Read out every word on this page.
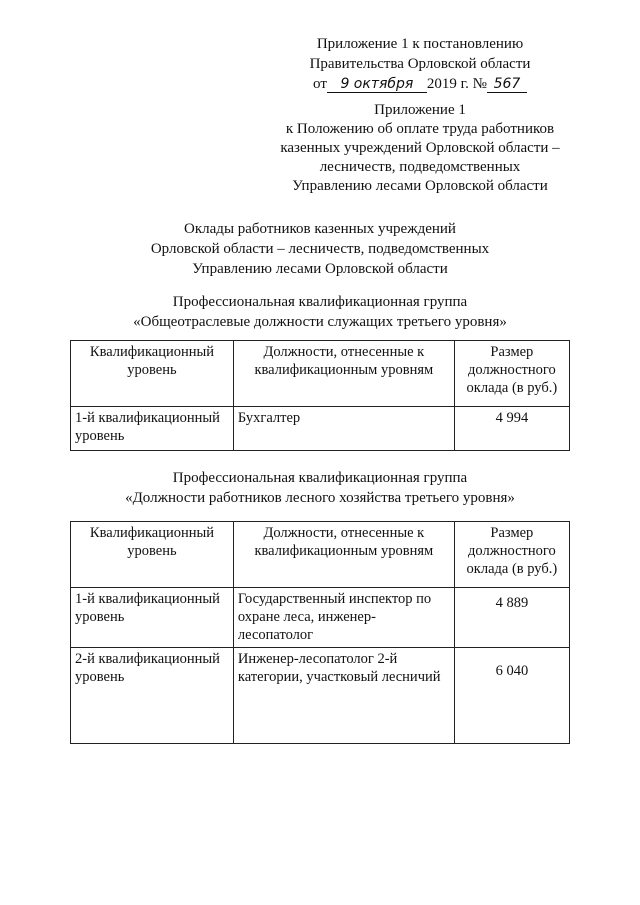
Приложение 1 к постановлению
Правительства Орловской области
от 9 октября 2019 г. № 567
Приложение 1
к Положению об оплате труда работников
казенных учреждений Орловской области –
лесничеств, подведомственных
Управлению лесами Орловской области
Оклады работников казенных учреждений
Орловской области – лесничеств, подведомственных
Управлению лесами Орловской области
Профессиональная квалификационная группа
«Общеотраслевые должности служащих третьего уровня»
Квалификационный уровень	Должности, отнесенные к квалификационным уровням	Размер должностного оклада (в руб.)
1-й квалификационный уровень	Бухгалтер	4 994
Профессиональная квалификационная группа
«Должности работников лесного хозяйства третьего уровня»
Квалификационный уровень	Должности, отнесенные к квалификационным уровням	Размер должностного оклада (в руб.)
1-й квалификационный уровень	Государственный инспектор по охране леса, инженер-лесопатолог	4 889
2-й квалификационный уровень	Инженер-лесопатолог 2-й категории, участковый лесничий	6 040
